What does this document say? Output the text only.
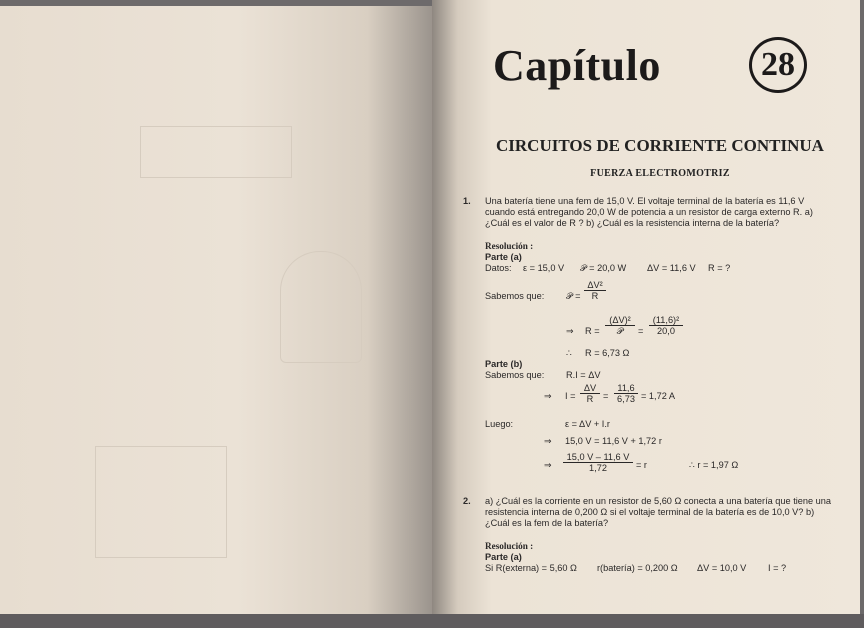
Capítulo	28
CIRCUITOS DE CORRIENTE CONTINUA
FUERZA ELECTROMOTRIZ
1. Una batería tiene una fem de 15,0 V. El voltaje terminal de la batería es 11,6 V
cuando está entregando 20,0 W de potencia a un resistor de carga externo R. a)
¿Cuál es el valor de R ? b) ¿Cuál es la resistencia interna de la batería?
Resolución :
Parte (a)
Datos: ε = 15,0 V 𝒫 = 20,0 W ΔV = 11,6 V R = ?
Sabemos que: 𝒫 = $\frac{\text{ΔV²}}{R}$
⇒ R =
(ΔV)²
𝒫	= $\frac{\text{(11,6)²}}{20,0}$
∴ R = 6,73 Ω
Parte (b)
Sabemos que: R.I = ΔV
⇒ $I = \frac{\Delta V}{R} = \frac{11,6}{6,73} = 1,72$ A
Luego:	ε = ΔV + I.r
⇒ 15,0 V = 11,6 V + 1,72 r
⇒ $\frac{15,0 V - 11,6 V}{1,72} = r$	∴ r = 1,97 Ω
2. a) ¿Cuál es la corriente en un resistor de 5,60 Ω conecta a una batería que tiene una
resistencia interna de 0,200 Ω si el voltaje terminal de la batería es de 10,0 V? b)
¿Cuál es la fem de la batería?
Resolución :
Parte (a)
Si R(externa) = 5,60 Ω r(batería) = 0,200 Ω ΔV = 10,0 V I = ?
